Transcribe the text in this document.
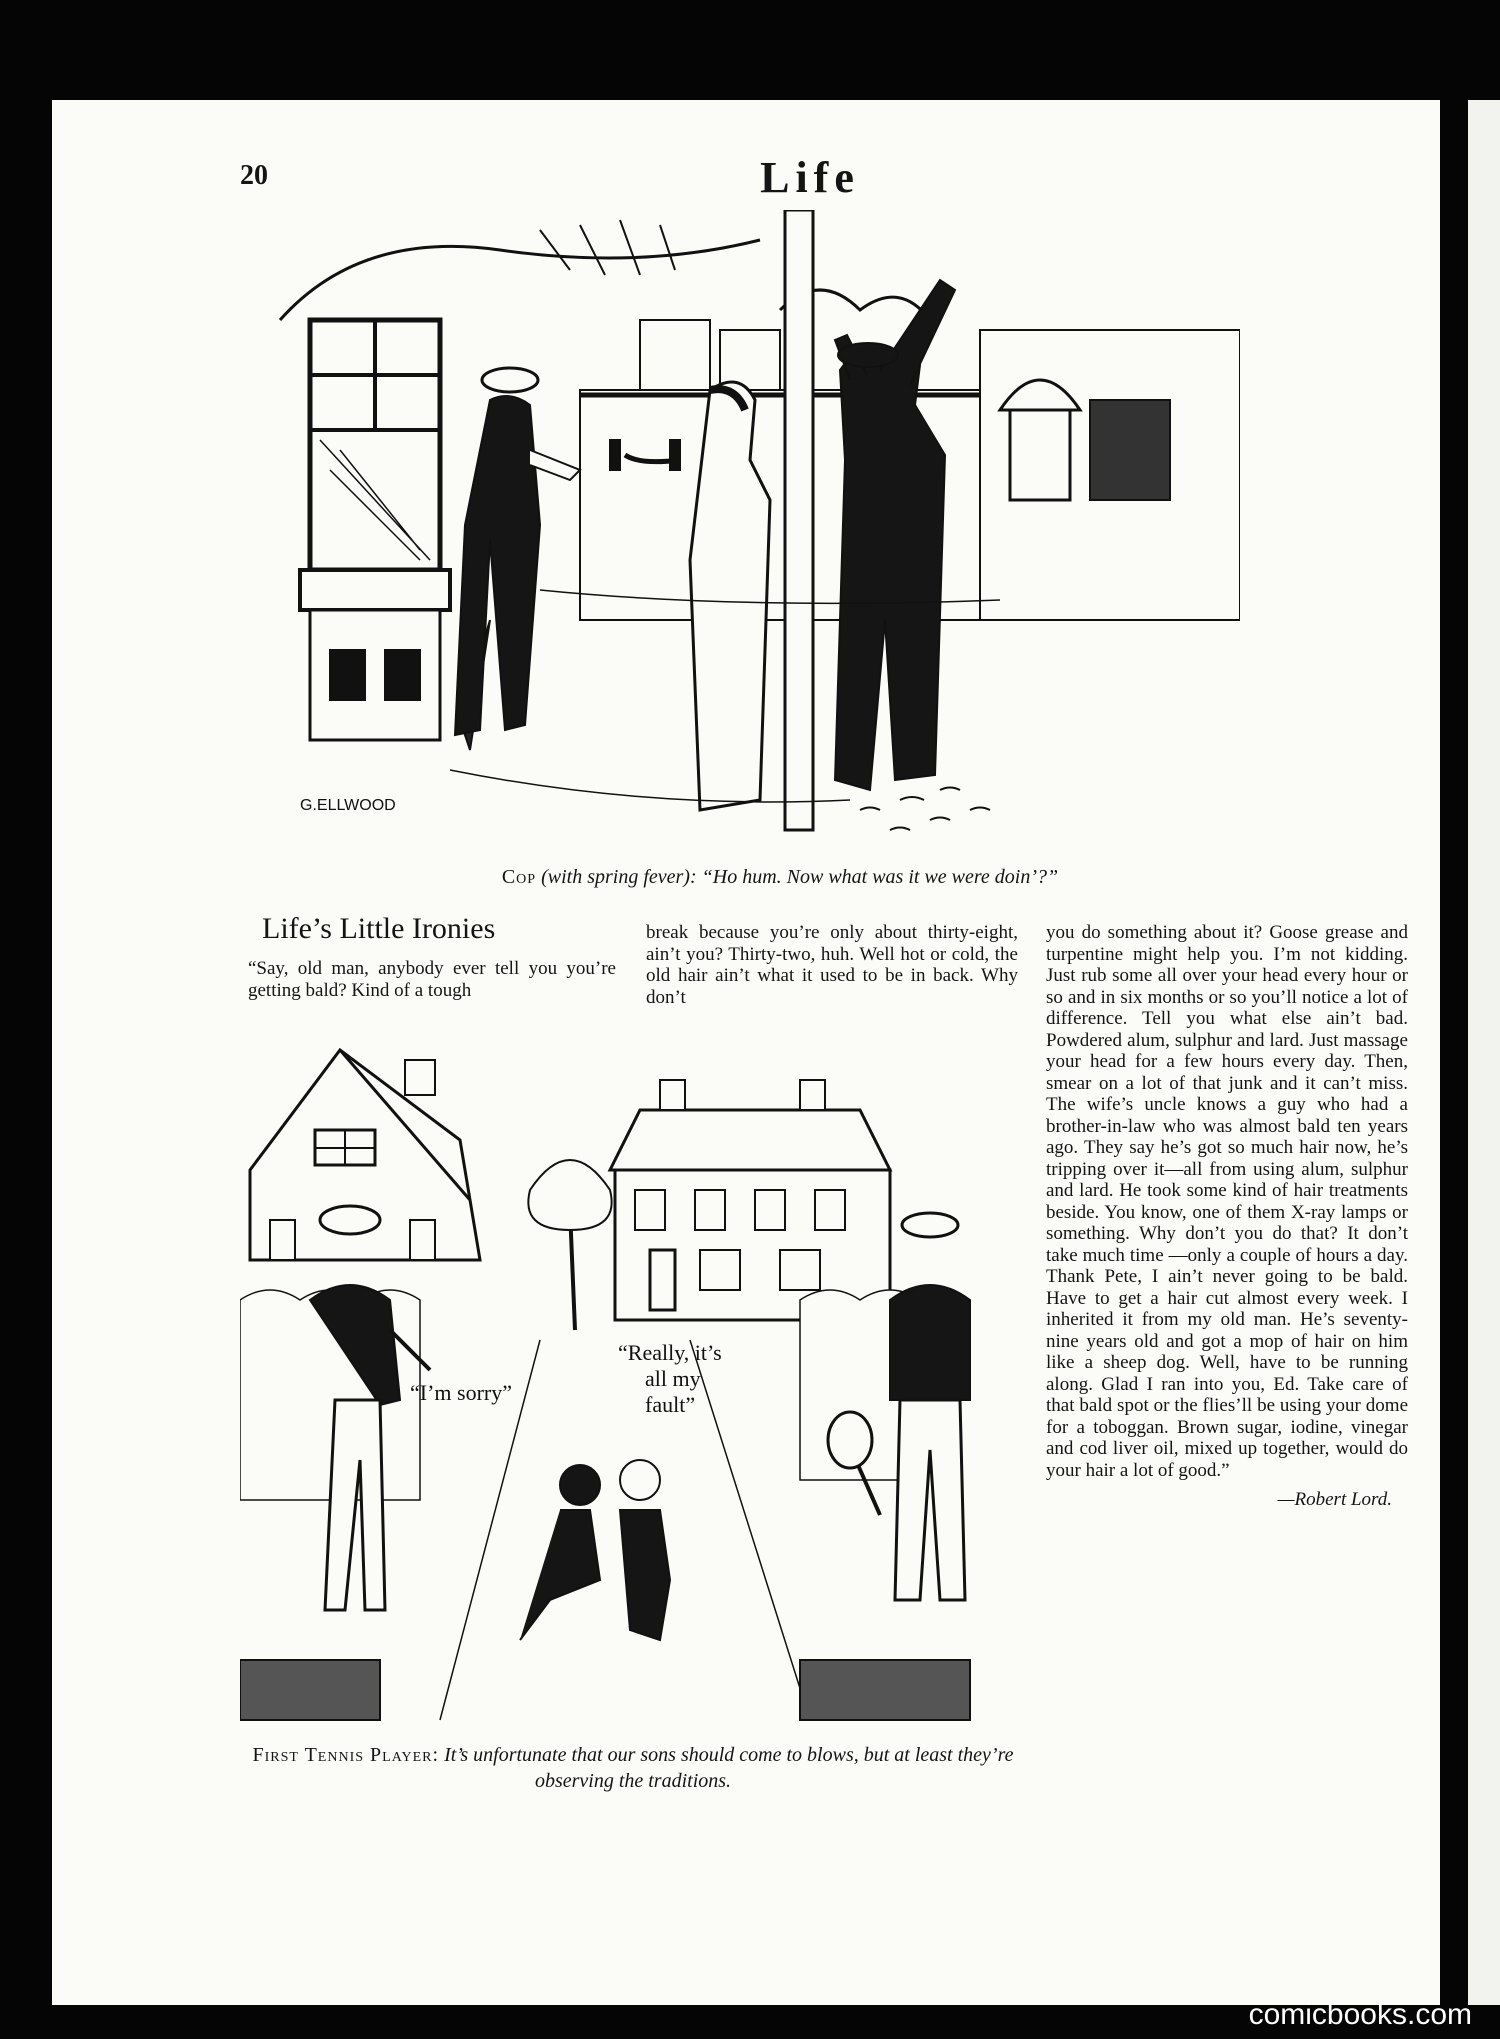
20	Life
G.ELLWOOD
Cop (with spring fever): “Ho hum. Now what was it we were doin’?”
Life’s Little Ironies

“Say, old man, anybody ever tell you you’re getting bald? Kind of a tough

break because you’re only about thirty-eight, ain’t you? Thirty-two, huh. Well hot or cold, the old hair ain’t what it used to be in back. Why don’t

you do something about it? Goose grease and turpentine might help you. I’m not kidding. Just rub some all over your head every hour or so and in six months or so you’ll notice a lot of difference. Tell you what else ain’t bad. Powdered alum, sulphur and lard. Just massage your head for a few hours every day. Then, smear on a lot of that junk and it can’t miss. The wife’s uncle knows a guy who had a brother-in-law who was almost bald ten years ago. They say he’s got so much hair now, he’s tripping over it—all from using alum, sulphur and lard. He took some kind of hair treatments beside. You know, one of them X-ray lamps or something. Why don’t you do that? It don’t take much time —only a couple of hours a day. Thank Pete, I ain’t never going to be bald. Have to get a hair cut almost every week. I inherited it from my old man. He’s seventy-nine years old and got a mop of hair on him like a sheep dog. Well, have to be running along. Glad I ran into you, Ed. Take care of that bald spot or the flies’ll be using your dome for a toboggan. Brown sugar, iodine, vinegar and cod liver oil, mixed up together, would do your hair a lot of good.”

—Robert Lord.

“I’m sorry”
“Really, it’s
all my
fault”
First Tennis Player: It’s unfortunate that our sons should come to blows, but at least they’re observing the traditions.
comicbooks.com
